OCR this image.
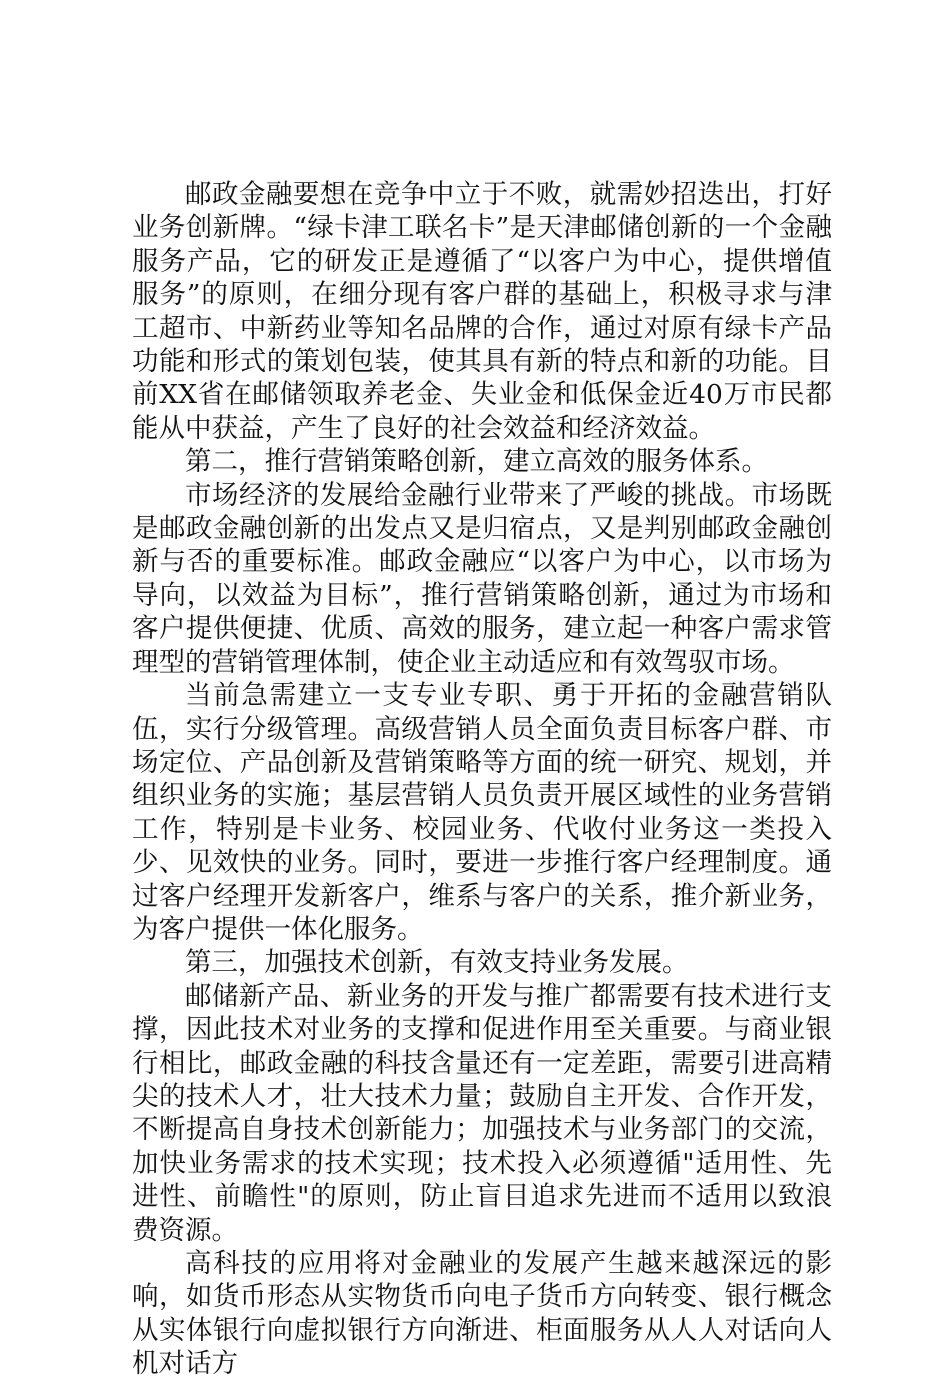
邮政金融要想在竞争中立于不败，就需妙招迭出，打好业务创新牌。“绿卡津工联名卡”是天津邮储创新的一个金融服务产品，它的研发正是遵循了“以客户为中心，提供增值服务”的原则，在细分现有客户群的基础上，积极寻求与津工超市、中新药业等知名品牌的合作，通过对原有绿卡产品功能和形式的策划包装，使其具有新的特点和新的功能。目前XX省在邮储领取养老金、失业金和低保金近40万市民都能从中获益，产生了良好的社会效益和经济效益。

第二，推行营销策略创新，建立高效的服务体系。

市场经济的发展给金融行业带来了严峻的挑战。市场既是邮政金融创新的出发点又是归宿点，又是判别邮政金融创新与否的重要标准。邮政金融应“以客户为中心，以市场为导向，以效益为目标”，推行营销策略创新，通过为市场和客户提供便捷、优质、高效的服务，建立起一种客户需求管理型的营销管理体制，使企业主动适应和有效驾驭市场。

当前急需建立一支专业专职、勇于开拓的金融营销队伍，实行分级管理。高级营销人员全面负责目标客户群、市场定位、产品创新及营销策略等方面的统一研究、规划，并组织业务的实施；基层营销人员负责开展区域性的业务营销工作，特别是卡业务、校园业务、代收付业务这一类投入少、见效快的业务。同时，要进一步推行客户经理制度。通过客户经理开发新客户，维系与客户的关系，推介新业务，为客户提供一体化服务。

第三，加强技术创新，有效支持业务发展。

邮储新产品、新业务的开发与推广都需要有技术进行支撑，因此技术对业务的支撑和促进作用至关重要。与商业银行相比，邮政金融的科技含量还有一定差距，需要引进高精尖的技术人才，壮大技术力量；鼓励自主开发、合作开发，不断提高自身技术创新能力；加强技术与业务部门的交流，加快业务需求的技术实现；技术投入必须遵循"适用性、先进性、前瞻性"的原则，防止盲目追求先进而不适用以致浪费资源。

高科技的应用将对金融业的发展产生越来越深远的影响，如货币形态从实物货币向电子货币方向转变、银行概念从实体银行向虚拟银行方向渐进、柜面服务从人人对话向人机对话方
